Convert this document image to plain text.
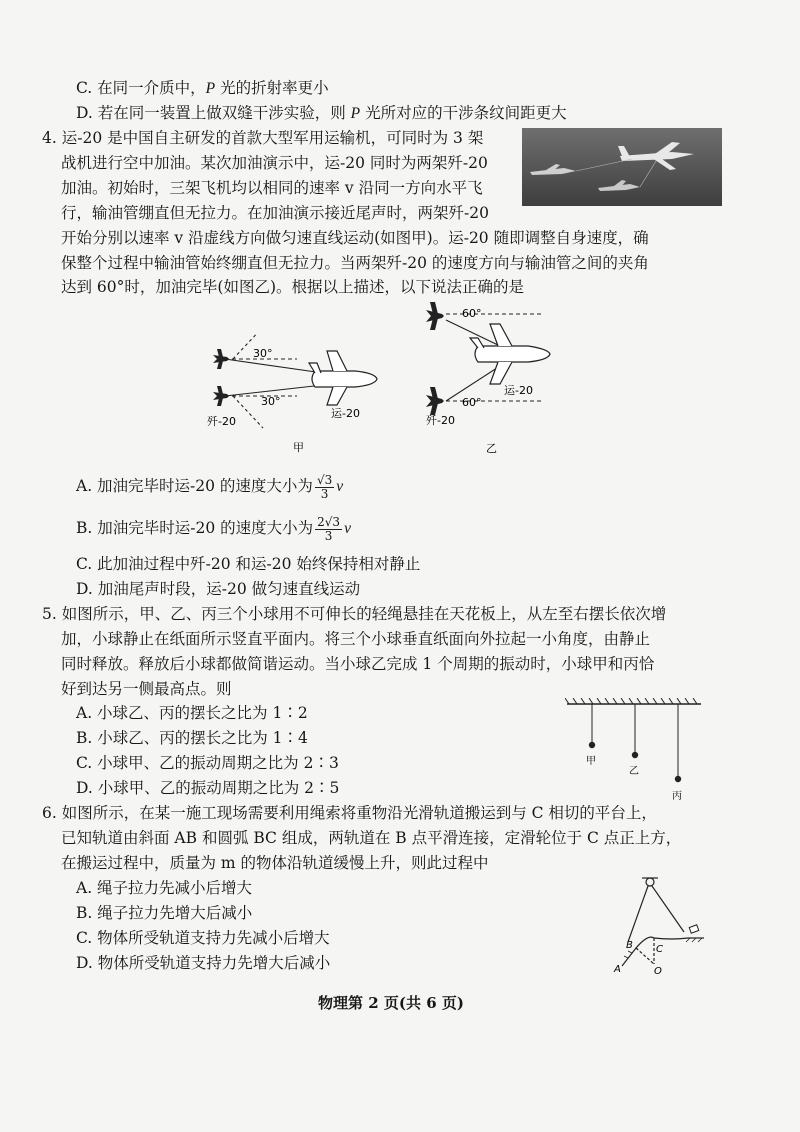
C. 在同一介质中，P 光的折射率更小
D. 若在同一装置上做双缝干涉实验，则 P 光所对应的干涉条纹间距更大
4. 运-20 是中国自主研发的首款大型军用运输机，可同时为 3 架
战机进行空中加油。某次加油演示中，运-20 同时为两架歼-20
加油。初始时，三架飞机均以相同的速率 v 沿同一方向水平飞
行，输油管绷直但无拉力。在加油演示接近尾声时，两架歼-20
开始分别以速率 v 沿虚线方向做匀速直线运动(如图甲)。运-20 随即调整自身速度，确
保整个过程中输油管始终绷直但无拉力。当两架歼-20 的速度方向与输油管之间的夹角
达到 60°时，加油完毕(如图乙)。根据以上描述，以下说法正确的是
30°
30°
歼-20
运-20
甲
60°
60°
歼-20
运-20
乙
A. 加油完毕时运-20 的速度大小为 $\frac{√3}{3}$ v
B. 加油完毕时运-20 的速度大小为 $\frac{2√3}{3}$ v
C. 此加油过程中歼-20 和运-20 始终保持相对静止
D. 加油尾声时段，运-20 做匀速直线运动
5. 如图所示，甲、乙、丙三个小球用不可伸长的轻绳悬挂在天花板上，从左至右摆长依次增
加，小球静止在纸面所示竖直平面内。将三个小球垂直纸面向外拉起一小角度，由静止
同时释放。释放后小球都做简谐运动。当小球乙完成 1 个周期的振动时，小球甲和丙恰
好到达另一侧最高点。则
A. 小球乙、丙的摆长之比为 1∶2
B. 小球乙、丙的摆长之比为 1∶4
C. 小球甲、乙的振动周期之比为 2∶3
D. 小球甲、乙的振动周期之比为 2∶5
甲
乙
丙
6. 如图所示，在某一施工现场需要利用绳索将重物沿光滑轨道搬运到与 C 相切的平台上，
已知轨道由斜面 AB 和圆弧 BC 组成，两轨道在 B 点平滑连接，定滑轮位于 C 点正上方，
在搬运过程中，质量为 m 的物体沿轨道缓慢上升，则此过程中
A. 绳子拉力先减小后增大
B. 绳子拉力先增大后减小
C. 物体所受轨道支持力先减小后增大
D. 物体所受轨道支持力先增大后减小	A
B C
O
物理第 2 页(共 6 页)
